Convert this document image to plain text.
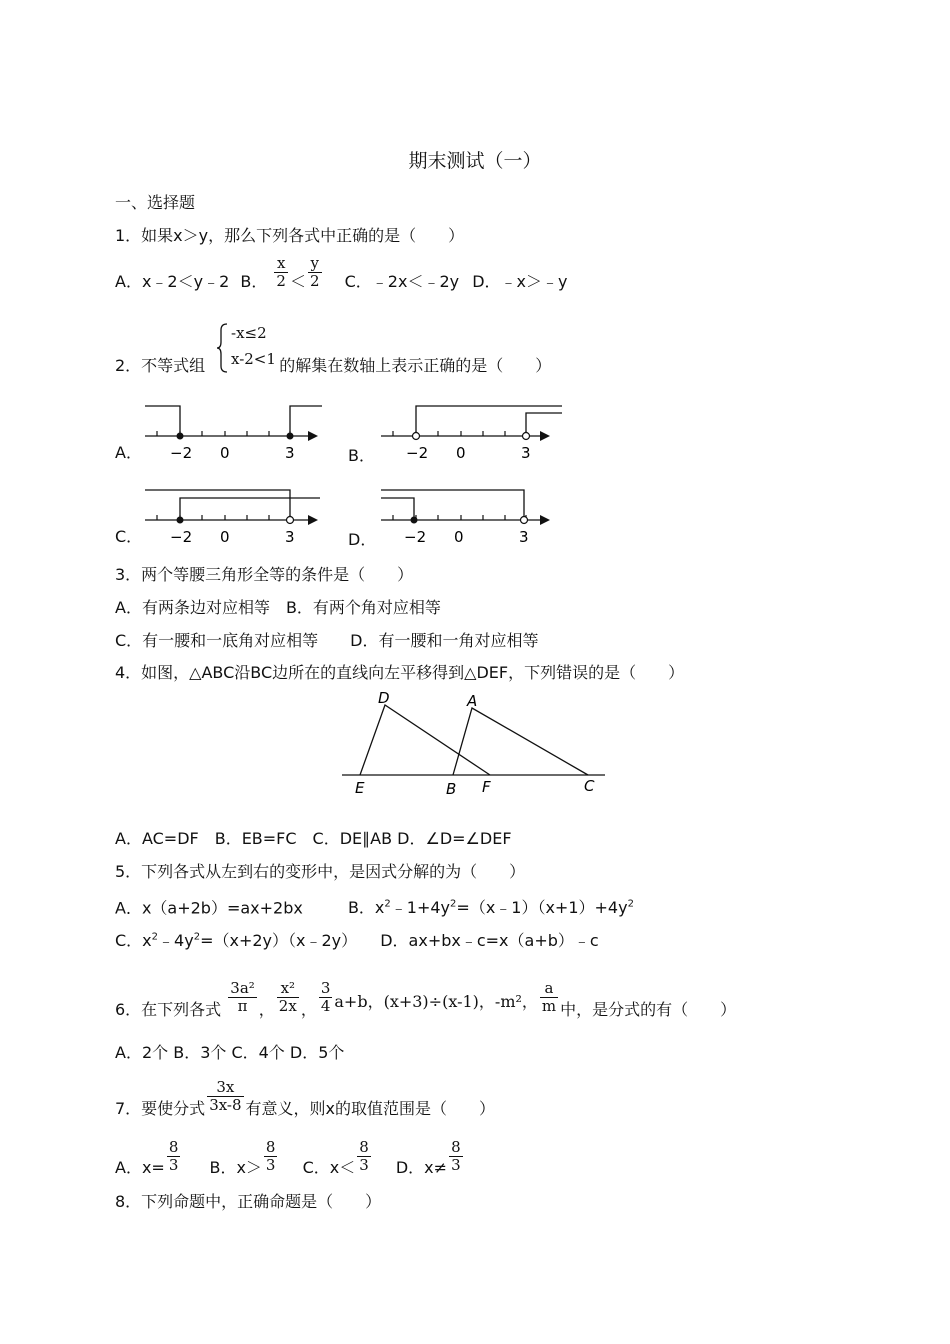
期末测试（一）
一、选择题
1．如果x＞y，那么下列各式中正确的是（　　）
A．x﹣2＜y﹣2 B． $\frac{x}{2} < \frac{y}{2}$ C．﹣2x＜﹣2y D．﹣x＞﹣y
2．不等式组	的解集在数轴上表示正确的是（　　）
-x≤2
x-2<1
A．	B．
C．	D．
−2 0	3	−2 0	3
−2 0	3	−2 0	3
3．两个等腰三角形全等的条件是（　　）
A．有两条边对应相等　B．有两个角对应相等
C．有一腰和一底角对应相等　　D．有一腰和一角对应相等
4．如图，△ABC沿BC边所在的直线向左平移得到△DEF，下列错误的是（　　）
D	A
E	B F	C
A．AC=DF　B．EB=FC　C．DE∥AB D．∠D=∠DEF
5．下列各式从左到右的变形中，是因式分解的为（　　）
A．x（a+2b）=ax+2bx	B．$x^2﹣1+4y^2=(x﹣1)(x+1)+4y^2$
C．$x^2﹣4y^2=(x+2y)(x﹣2y)$ D．ax+bx﹣c=x（a+b）﹣c
6．在下列各式 $\frac{\text{3a²}}{\pi}$ ， $\frac{\text{x²}}{2x}$ ， $\frac{3}{4} a+b$，(x+3)÷(x-1)，-m²， $\frac{a}{m}$ 中，是分式的有（　　）
A．2个 B．3个 C．4个 D．5个
7．要使分式 $\frac{3x}{3x-8}$ 有意义，则x的取值范围是（　　）
A．$x= \frac{8}{3}$ B．$x> \frac{8}{3}$ C．$x< \frac{8}{3}$ D．$x\ne \frac{8}{3}$
8．下列命题中，正确命题是（　　）
